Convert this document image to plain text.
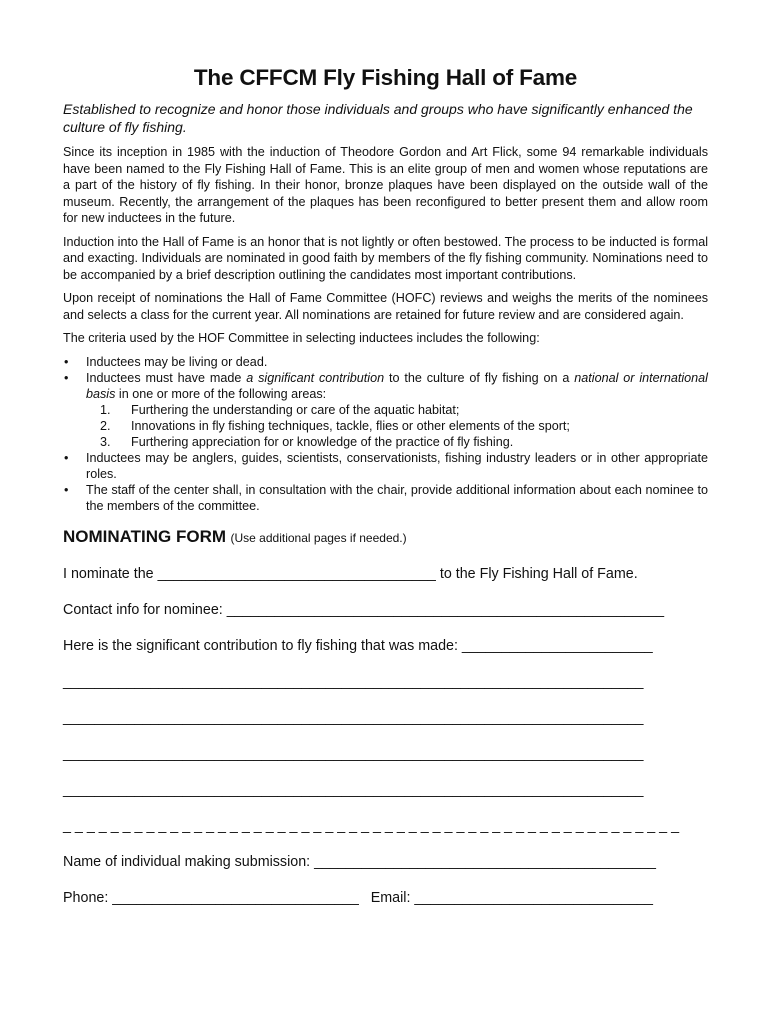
The CFFCM Fly Fishing Hall of Fame

Established to recognize and honor those individuals and groups who have significantly enhanced the culture of fly fishing.

Since its inception in 1985 with the induction of Theodore Gordon and Art Flick, some 94 remarkable individuals have been named to the Fly Fishing Hall of Fame. This is an elite group of men and women whose reputations are a part of the history of fly fishing. In their honor, bronze plaques have been displayed on the outside wall of the museum. Recently, the arrangement of the plaques has been reconfigured to better present them and allow room for new inductees in the future.

Induction into the Hall of Fame is an honor that is not lightly or often bestowed. The process to be inducted is formal and exacting. Individuals are nominated in good faith by members of the fly fishing community. Nominations need to be accompanied by a brief description outlining the candidates most important contributions.

Upon receipt of nominations the Hall of Fame Committee (HOFC) reviews and weighs the merits of the nominees and selects a class for the current year. All nominations are retained for future review and are considered again.

The criteria used by the HOF Committee in selecting inductees includes the following:

• Inductees may be living or dead.
• Inductees must have made a significant contribution to the culture of fly fishing on a national or international basis in one or more of the following areas:
1. Furthering the understanding or care of the aquatic habitat;
2. Innovations in fly fishing techniques, tackle, flies or other elements of the sport;
3. Furthering appreciation for or knowledge of the practice of fly fishing.
• Inductees may be anglers, guides, scientists, conservationists, fishing industry leaders or in other appropriate roles.
• The staff of the center shall, in consultation with the chair, provide additional information about each nominee to the members of the committee.
NOMINATING FORM (Use additional pages if needed.)
I nominate the ___________________________________ to the Fly Fishing Hall of Fame.
Contact info for nominee: _______________________________________________________
Here is the significant contribution to fly fishing that was made: ________________________
_________________________________________________________________________
_________________________________________________________________________
_________________________________________________________________________
_________________________________________________________________________
_ _ _ _ _ _ _ _ _ _ _ _ _ _ _ _ _ _ _ _ _ _ _ _ _ _ _ _ _ _ _ _ _ _ _ _ _ _ _ _ _ _ _ _ _ _ _ _ _ _ _ _
Name of individual making submission: ___________________________________________
Phone: _______________________________   Email: ______________________________
